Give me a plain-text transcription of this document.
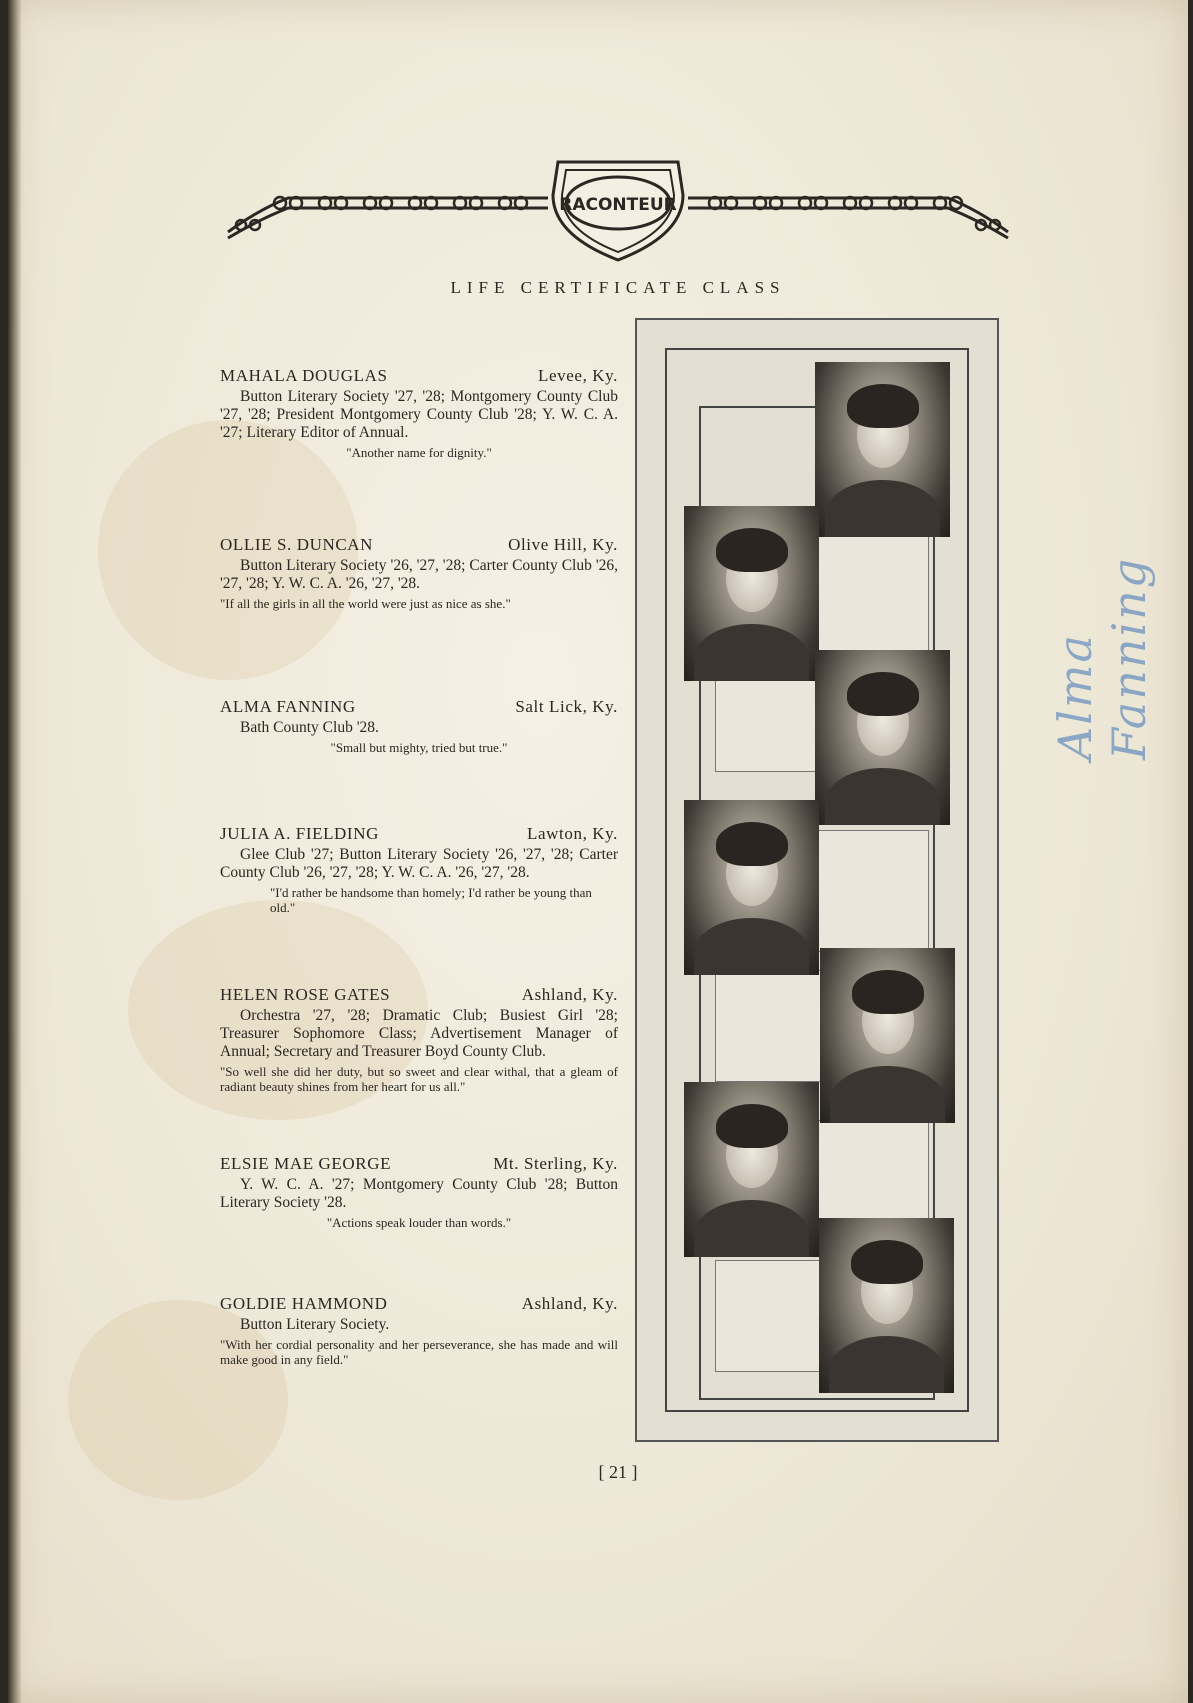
RACONTEUR
LIFE CERTIFICATE CLASS
MAHALA DOUGLAS	Levee, Ky.
Button Literary Society '27, '28; Montgomery County Club '27, '28; President Montgomery County Club '28; Y. W. C. A. '27; Literary Editor of Annual.
"Another name for dignity."
OLLIE S. DUNCAN	Olive Hill, Ky.
Button Literary Society '26, '27, '28; Carter County Club '26, '27, '28; Y. W. C. A. '26, '27, '28.
"If all the girls in all the world were just as nice as she."
ALMA FANNING	Salt Lick, Ky.
Bath County Club '28.
"Small but mighty, tried but true."
JULIA A. FIELDING	Lawton, Ky.
Glee Club '27; Button Literary Society '26, '27, '28; Carter County Club '26, '27, '28; Y. W. C. A. '26, '27, '28.
"I'd rather be handsome than homely; I'd rather be young than old."
HELEN ROSE GATES	Ashland, Ky.
Orchestra '27, '28; Dramatic Club; Busiest Girl '28; Treasurer Sophomore Class; Advertisement Manager of Annual; Secretary and Treasurer Boyd County Club.
"So well she did her duty, but so sweet and clear withal, that a gleam of radiant beauty shines from her heart for us all."
ELSIE MAE GEORGE	Mt. Sterling, Ky.
Y. W. C. A. '27; Montgomery County Club '28; Button Literary Society '28.
"Actions speak louder than words."
GOLDIE HAMMOND	Ashland, Ky.
Button Literary Society.
"With her cordial personality and her perseverance, she has made and will make good in any field."
[ 21 ]
Alma Fanning
